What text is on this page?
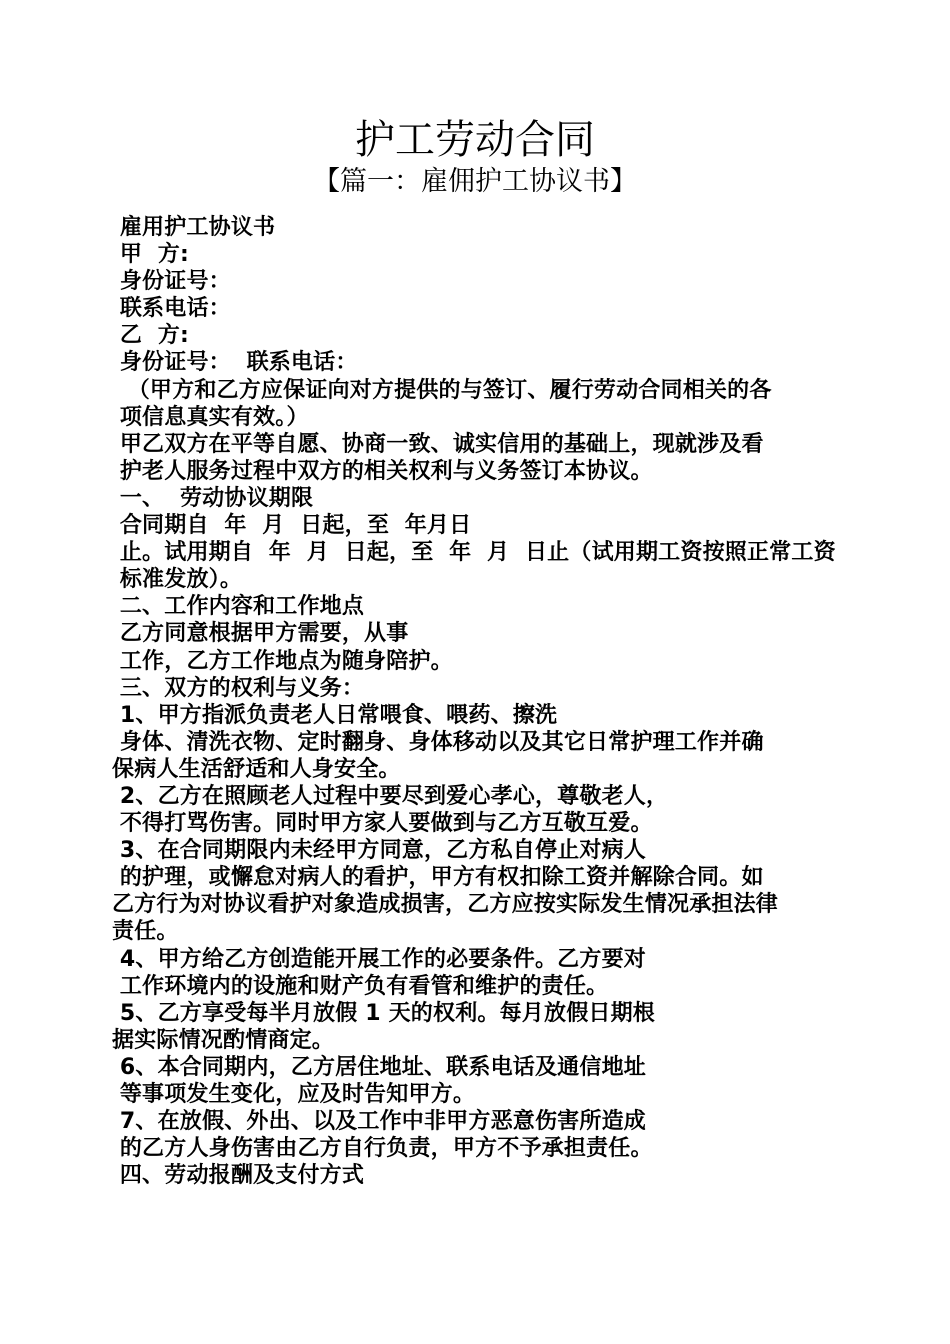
护工劳动合同
【篇一：雇佣护工协议书】
雇用护工协议书
甲  方:
身份证号：
联系电话：
乙  方:
身份证号：  联系电话：
（甲方和乙方应保证向对方提供的与签订、履行劳动合同相关的各
项信息真实有效。）
甲乙双方在平等自愿、协商一致、诚实信用的基础上，现就涉及看
护老人服务过程中双方的相关权利与义务签订本协议。
一、  劳动协议期限
合同期自  年  月  日起，至  年月日
止。试用期自  年  月  日起，至  年  月  日止（试用期工资按照正常工资
标准发放）。
二、工作内容和工作地点
乙方同意根据甲方需要，从事
工作，乙方工作地点为随身陪护。
三、双方的权利与义务：
1、甲方指派负责老人日常喂食、喂药、擦洗
身体、清洗衣物、定时翻身、身体移动以及其它日常护理工作并确
保病人生活舒适和人身安全。
2、乙方在照顾老人过程中要尽到爱心孝心，尊敬老人，
不得打骂伤害。同时甲方家人要做到与乙方互敬互爱。
3、在合同期限内未经甲方同意，乙方私自停止对病人
的护理，或懈怠对病人的看护，甲方有权扣除工资并解除合同。如
乙方行为对协议看护对象造成损害，乙方应按实际发生情况承担法律
责任。
4、甲方给乙方创造能开展工作的必要条件。乙方要对
工作环境内的设施和财产负有看管和维护的责任。
5、乙方享受每半月放假 1 天的权利。每月放假日期根
据实际情况酌情商定。
6、本合同期内，乙方居住地址、联系电话及通信地址
等事项发生变化，应及时告知甲方。
7、在放假、外出、以及工作中非甲方恶意伤害所造成
的乙方人身伤害由乙方自行负责，甲方不予承担责任。
四、劳动报酬及支付方式
